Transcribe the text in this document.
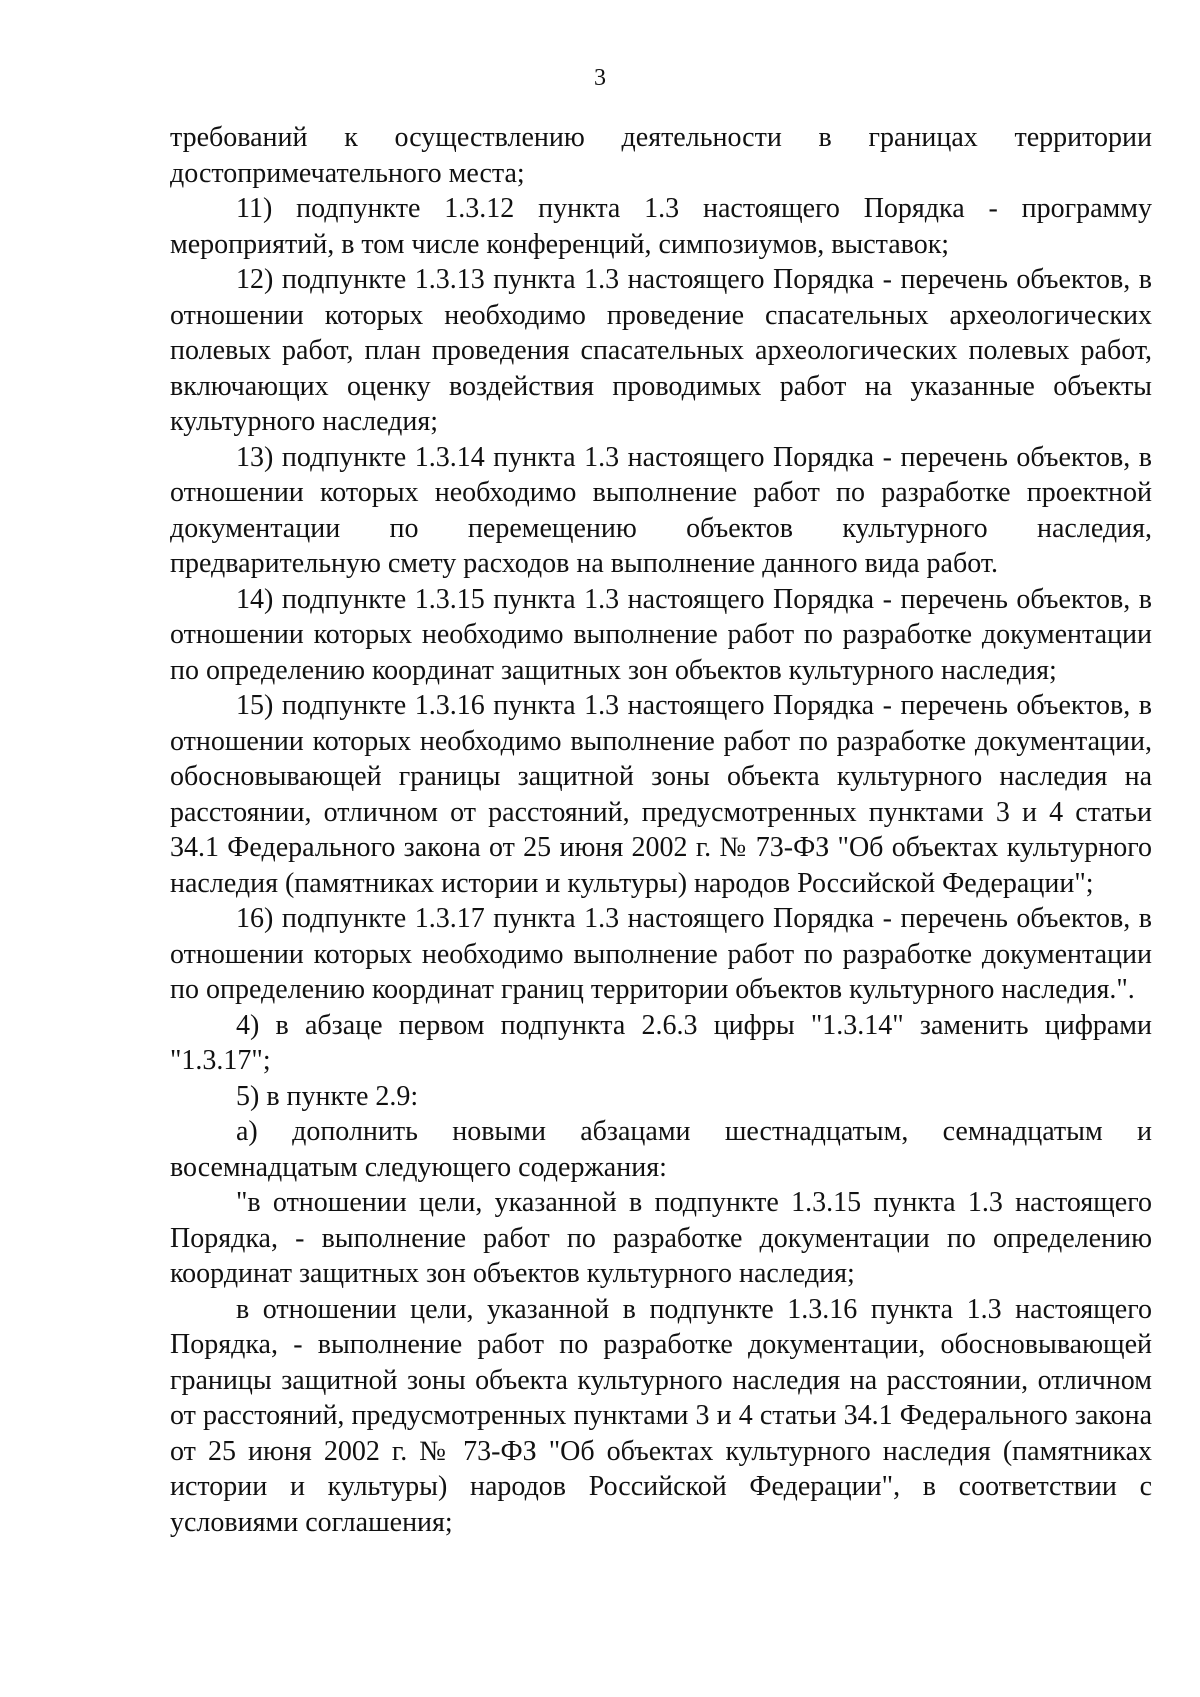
3

требований к осуществлению деятельности в границах территории достопримечательного места;

11) подпункте 1.3.12 пункта 1.3 настоящего Порядка - программу мероприятий, в том числе конференций, симпозиумов, выставок;

12) подпункте 1.3.13 пункта 1.3 настоящего Порядка - перечень объектов, в отношении которых необходимо проведение спасательных археологических полевых работ, план проведения спасательных археологических полевых работ, включающих оценку воздействия проводимых работ на указанные объекты культурного наследия;

13) подпункте 1.3.14 пункта 1.3 настоящего Порядка - перечень объектов, в отношении которых необходимо выполнение работ по разработке проектной документации по перемещению объектов культурного наследия, предварительную смету расходов на выполнение данного вида работ.

14) подпункте 1.3.15 пункта 1.3 настоящего Порядка - перечень объектов, в отношении которых необходимо выполнение работ по разработке документации по определению координат защитных зон объектов культурного наследия;

15) подпункте 1.3.16 пункта 1.3 настоящего Порядка - перечень объектов, в отношении которых необходимо выполнение работ по разработке документации, обосновывающей границы защитной зоны объекта культурного наследия на расстоянии, отличном от расстояний, предусмотренных пунктами 3 и 4 статьи 34.1 Федерального закона от 25 июня 2002 г. № 73-ФЗ "Об объектах культурного наследия (памятниках истории и культуры) народов Российской Федерации";

16) подпункте 1.3.17 пункта 1.3 настоящего Порядка - перечень объектов, в отношении которых необходимо выполнение работ по разработке документации по определению координат границ территории объектов культурного наследия.".

4) в абзаце первом подпункта 2.6.3 цифры "1.3.14" заменить цифрами "1.3.17";

5) в пункте 2.9:

а) дополнить новыми абзацами шестнадцатым, семнадцатым и восемнадцатым следующего содержания:

"в отношении цели, указанной в подпункте 1.3.15 пункта 1.3 настоящего Порядка, - выполнение работ по разработке документации по определению координат защитных зон объектов культурного наследия;

в отношении цели, указанной в подпункте 1.3.16 пункта 1.3 настоящего Порядка, - выполнение работ по разработке документации, обосновывающей границы защитной зоны объекта культурного наследия на расстоянии, отличном от расстояний, предусмотренных пунктами 3 и 4 статьи 34.1 Федерального закона от 25 июня 2002 г. № 73-ФЗ "Об объектах культурного наследия (памятниках истории и культуры) народов Российской Федерации", в соответствии с условиями соглашения;
